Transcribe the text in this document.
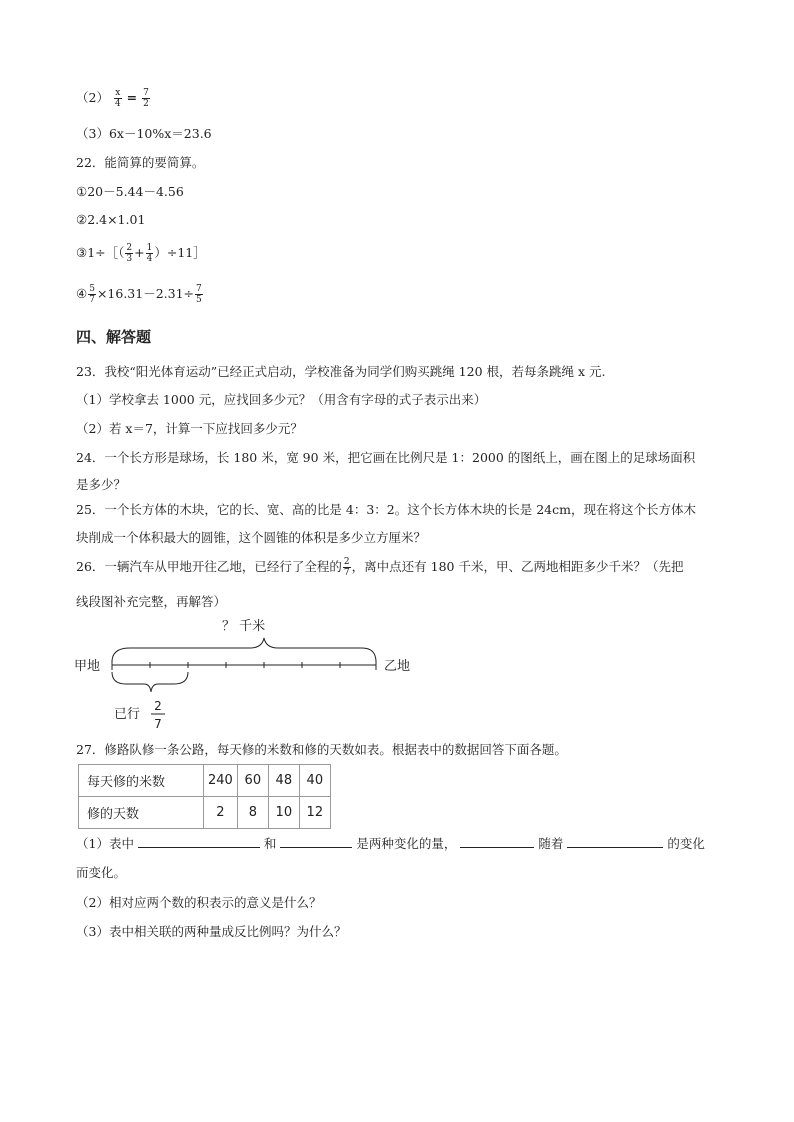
$(2) \frac{x}{4} = \frac{7}{2}$
（3）6x－10%x＝23.6
22．能简算的要简算。
①20－5.44－4.56
②2.4×1.01
③1÷［（ $\frac{2}{3} + \frac{1}{4}$ ）÷11］
④ $\frac{5}{7} \times 16.31-2.31\div \frac{7}{5}$
四、解答题
23．我校“阳光体育运动”已经正式启动，学校准备为同学们购买跳绳 120 根，若每条跳绳 x 元.
（1）学校拿去 1000 元，应找回多少元？（用含有字母的式子表示出来）
（2）若 x＝7，计算一下应找回多少元？
24．一个长方形是球场，长 180 米，宽 90 米，把它画在比例尺是 1：2000 的图纸上，画在图上的足球场面积
是多少？
25．一个长方体的木块，它的长、宽、高的比是 4：3：2。这个长方体木块的长是 24cm，现在将这个长方体木
块削成一个体积最大的圆锥，这个圆锥的体积是多少立方厘米？
26．一辆汽车从甲地开往乙地，已经行了全程的 $\frac{2}{7}$ ，离中点还有 180 千米，甲、乙两地相距多少千米？（先把
线段图补充完整，再解答）
？ 千米
甲地	乙地
已行
2
7
27．修路队修一条公路，每天修的米数和修的天数如表。根据表中的数据回答下面各题。
每天修的米数	240	60	48	40
修的天数	2	8	10	12
（1）表中	和	是两种变化的量，	随着	的变化
而变化。
（2）相对应两个数的积表示的意义是什么？
（3）表中相关联的两种量成反比例吗？为什么？
